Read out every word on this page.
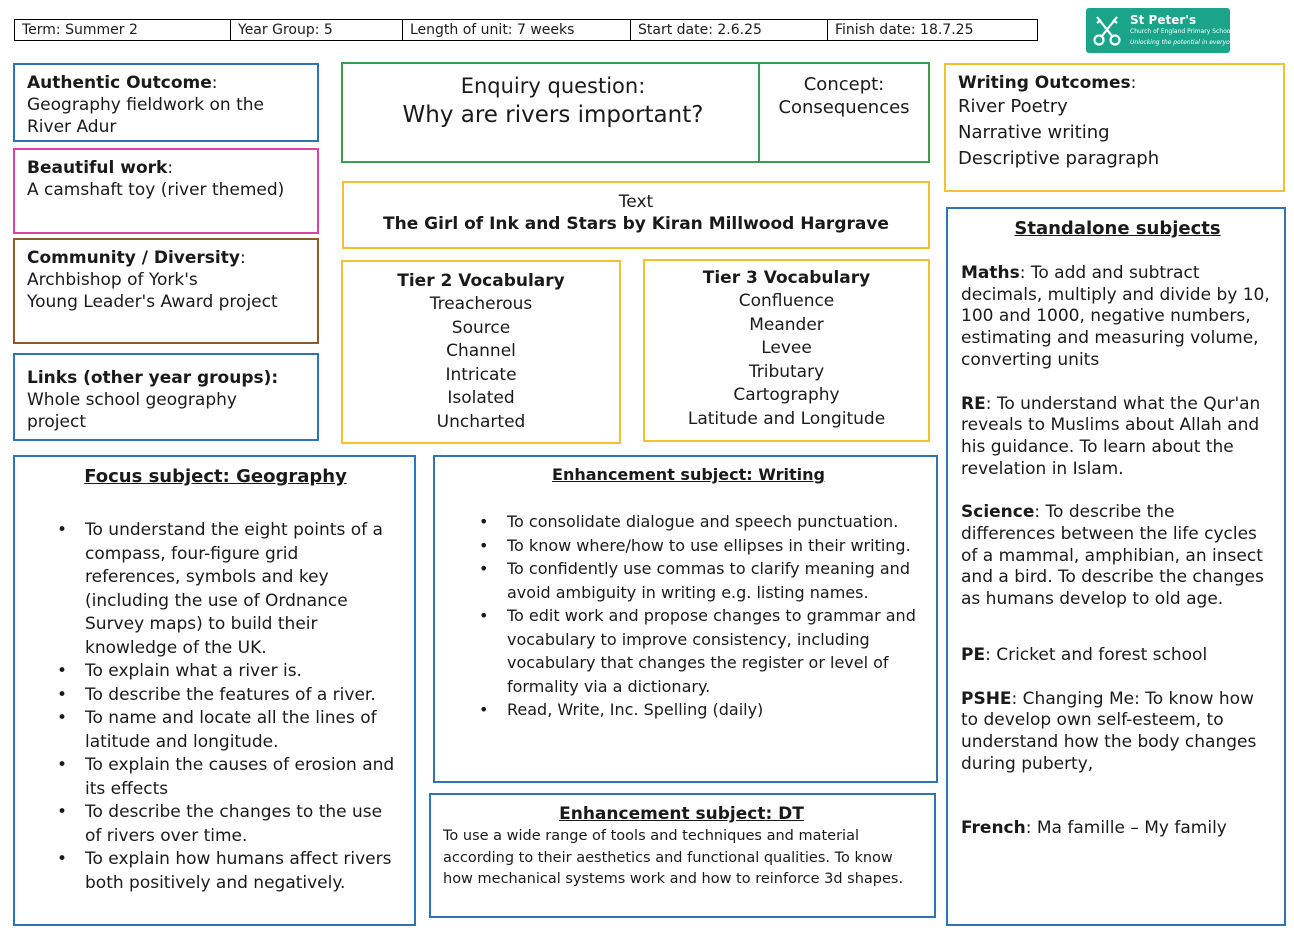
Term: Summer 2	Year Group: 5	Length of unit: 7 weeks	Start date: 2.6.25	Finish date: 18.7.25
St Peter's
Church of England Primary School
Unlocking the potential in everyone
Authentic Outcome:
Geography fieldwork on the River Adur
Beautiful work:
A camshaft toy (river themed)
Community / Diversity:
Archbishop of York's
Young Leader's Award project
Links (other year groups):
Whole school geography project
Enquiry question:
Why are rivers important?
Concept:
Consequences
Writing Outcomes:
River Poetry
Narrative writing
Descriptive paragraph
Text
The Girl of Ink and Stars by Kiran Millwood Hargrave
Tier 2 Vocabulary
Treacherous
Source
Channel
Intricate
Isolated
Uncharted
Tier 3 Vocabulary
Confluence
Meander
Levee
Tributary
Cartography
Latitude and Longitude
Standalone subjects
Maths: To add and subtract decimals, multiply and divide by 10, 100 and 1000, negative numbers, estimating and measuring volume, converting units
RE: To understand what the Qur'an reveals to Muslims about Allah and his guidance. To learn about the revelation in Islam.
Science: To describe the differences between the life cycles of a mammal, amphibian, an insect and a bird. To describe the changes as humans develop to old age.
PE: Cricket and forest school
PSHE: Changing Me: To know how to develop own self-esteem, to understand how the body changes during puberty,
French: Ma famille – My family
Focus subject: Geography
• To understand the eight points of a compass, four-figure grid references, symbols and key (including the use of Ordnance Survey maps) to build their knowledge of the UK.
• To explain what a river is.
• To describe the features of a river.
• To name and locate all the lines of latitude and longitude.
• To explain the causes of erosion and its effects
• To describe the changes to the use of rivers over time.
• To explain how humans affect rivers both positively and negatively.
Enhancement subject: Writing
• To consolidate dialogue and speech punctuation.
• To know where/how to use ellipses in their writing.
• To confidently use commas to clarify meaning and avoid ambiguity in writing e.g. listing names.
• To edit work and propose changes to grammar and vocabulary to improve consistency, including vocabulary that changes the register or level of formality via a dictionary.
• Read, Write, Inc. Spelling (daily)
Enhancement subject: DT
To use a wide range of tools and techniques and material according to their aesthetics and functional qualities. To know how mechanical systems work and how to reinforce 3d shapes.
